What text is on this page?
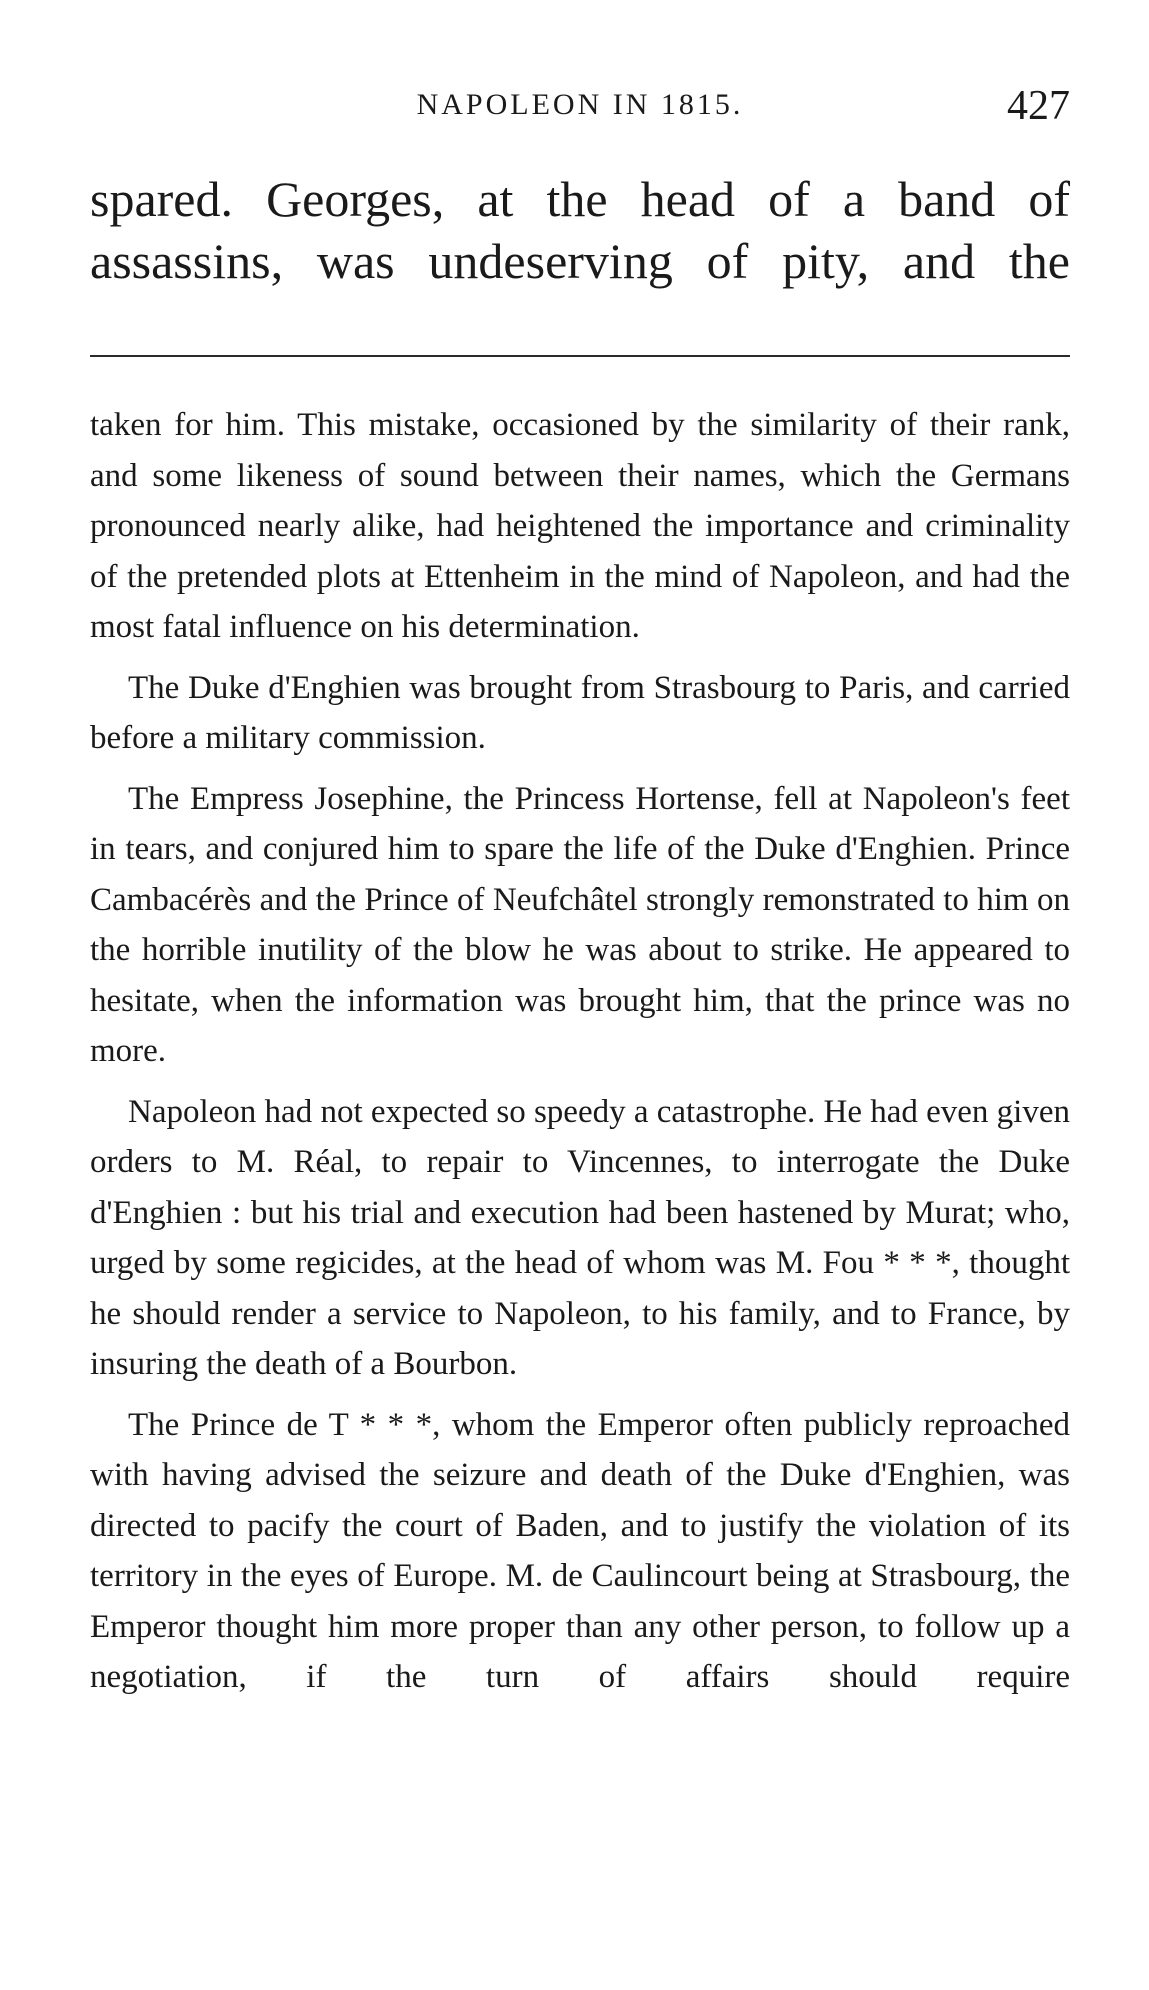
NAPOLEON IN 1815.	427

spared. Georges, at the head of a band of assassins, was undeserving of pity, and the

taken for him. This mistake, occasioned by the similarity of their rank, and some likeness of sound between their names, which the Germans pronounced nearly alike, had heightened the importance and criminality of the pretended plots at Ettenheim in the mind of Napoleon, and had the most fatal influence on his determination.

The Duke d'Enghien was brought from Strasbourg to Paris, and carried before a military commission.

The Empress Josephine, the Princess Hortense, fell at Napoleon's feet in tears, and conjured him to spare the life of the Duke d'Enghien. Prince Cambacérès and the Prince of Neufchâtel strongly remonstrated to him on the horrible inutility of the blow he was about to strike. He appeared to hesitate, when the information was brought him, that the prince was no more.

Napoleon had not expected so speedy a catastrophe. He had even given orders to M. Réal, to repair to Vincennes, to interrogate the Duke d'Enghien : but his trial and execution had been hastened by Murat; who, urged by some regicides, at the head of whom was M. Fou * * *, thought he should render a service to Napoleon, to his family, and to France, by insuring the death of a Bourbon.

The Prince de T * * *, whom the Emperor often publicly reproached with having advised the seizure and death of the Duke d'Enghien, was directed to pacify the court of Baden, and to justify the violation of its territory in the eyes of Europe. M. de Caulincourt being at Strasbourg, the Emperor thought him more proper than any other person, to follow up a negotiation, if the turn of affairs should require
